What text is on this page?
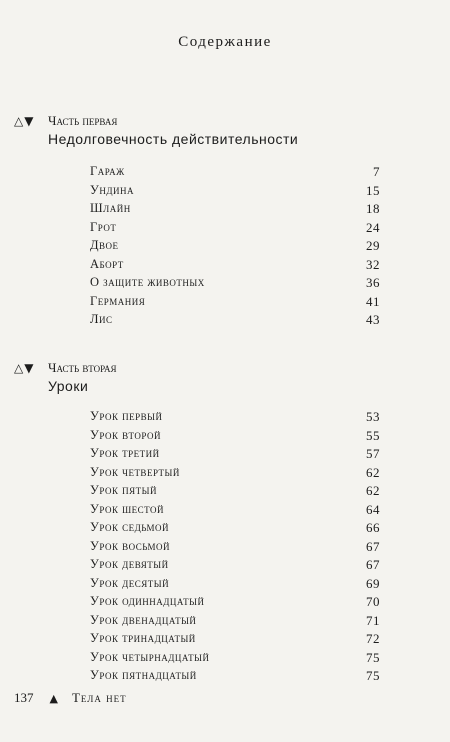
Содержание
△▼	Часть первая
Недолговечность действительности
Гараж	7
Ундина	15
Шлайн	18
Грот	24
Двое	29
Аборт	32
О защите животных	36
Германия	41
Лис	43
△▼	Часть вторая
Уроки
Урок первый	53
Урок второй	55
Урок третий	57
Урок четвертый	62
Урок пятый	62
Урок шестой	64
Урок седьмой	66
Урок восьмой	67
Урок девятый	67
Урок десятый	69
Урок одиннадцатый	70
Урок двенадцатый	71
Урок тринадцатый	72
Урок четырнадцатый	75
Урок пятнадцатый	75
137 ▲ Тела нет
